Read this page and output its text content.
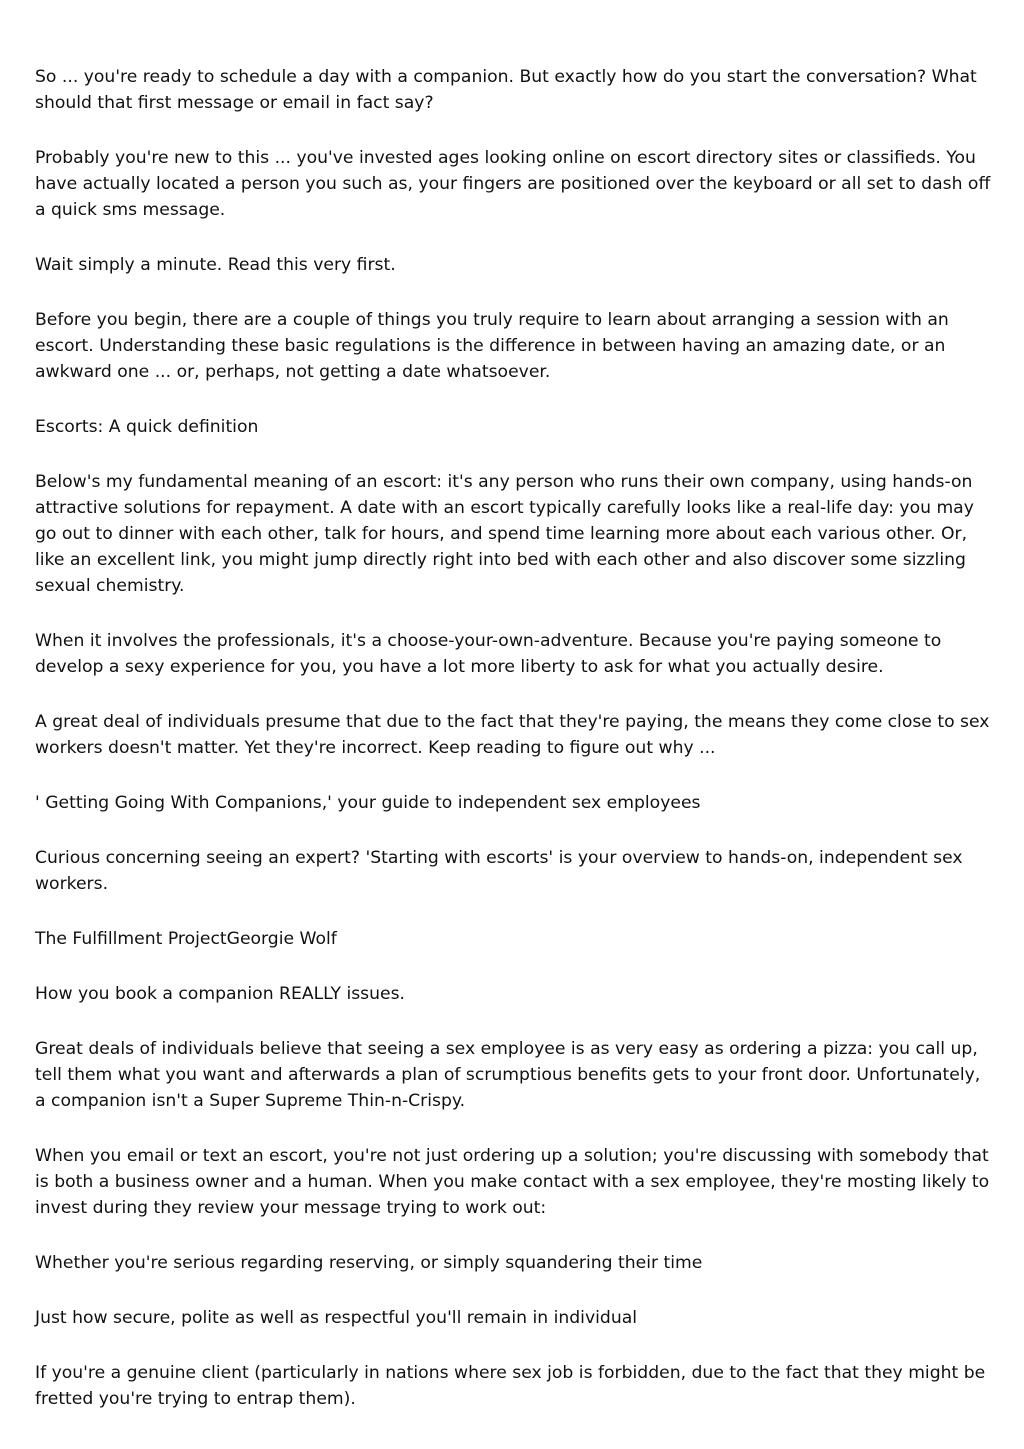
So ... you're ready to schedule a day with a companion. But exactly how do you start the conversation? What should that first message or email in fact say?

Probably you're new to this ... you've invested ages looking online on escort directory sites or classifieds. You have actually located a person you such as, your fingers are positioned over the keyboard or all set to dash off a quick sms message.

Wait simply a minute. Read this very first.

Before you begin, there are a couple of things you truly require to learn about arranging a session with an escort. Understanding these basic regulations is the difference in between having an amazing date, or an awkward one ... or, perhaps, not getting a date whatsoever.

Escorts: A quick definition

Below's my fundamental meaning of an escort: it's any person who runs their own company, using hands-on attractive solutions for repayment. A date with an escort typically carefully looks like a real-life day: you may go out to dinner with each other, talk for hours, and spend time learning more about each various other. Or, like an excellent link, you might jump directly right into bed with each other and also discover some sizzling sexual chemistry.

When it involves the professionals, it's a choose-your-own-adventure. Because you're paying someone to develop a sexy experience for you, you have a lot more liberty to ask for what you actually desire.

A great deal of individuals presume that due to the fact that they're paying, the means they come close to sex workers doesn't matter. Yet they're incorrect. Keep reading to figure out why ...

' Getting Going With Companions,' your guide to independent sex employees

Curious concerning seeing an expert? 'Starting with escorts' is your overview to hands-on, independent sex workers.

The Fulfillment ProjectGeorgie Wolf

How you book a companion REALLY issues.

Great deals of individuals believe that seeing a sex employee is as very easy as ordering a pizza: you call up, tell them what you want and afterwards a plan of scrumptious benefits gets to your front door. Unfortunately, a companion isn't a Super Supreme Thin-n-Crispy.

When you email or text an escort, you're not just ordering up a solution; you're discussing with somebody that is both a business owner and a human. When you make contact with a sex employee, they're mosting likely to invest during they review your message trying to work out:

Whether you're serious regarding reserving, or simply squandering their time

Just how secure, polite as well as respectful you'll remain in individual

If you're a genuine client (particularly in nations where sex job is forbidden, due to the fact that they might be fretted you're trying to entrap them).
